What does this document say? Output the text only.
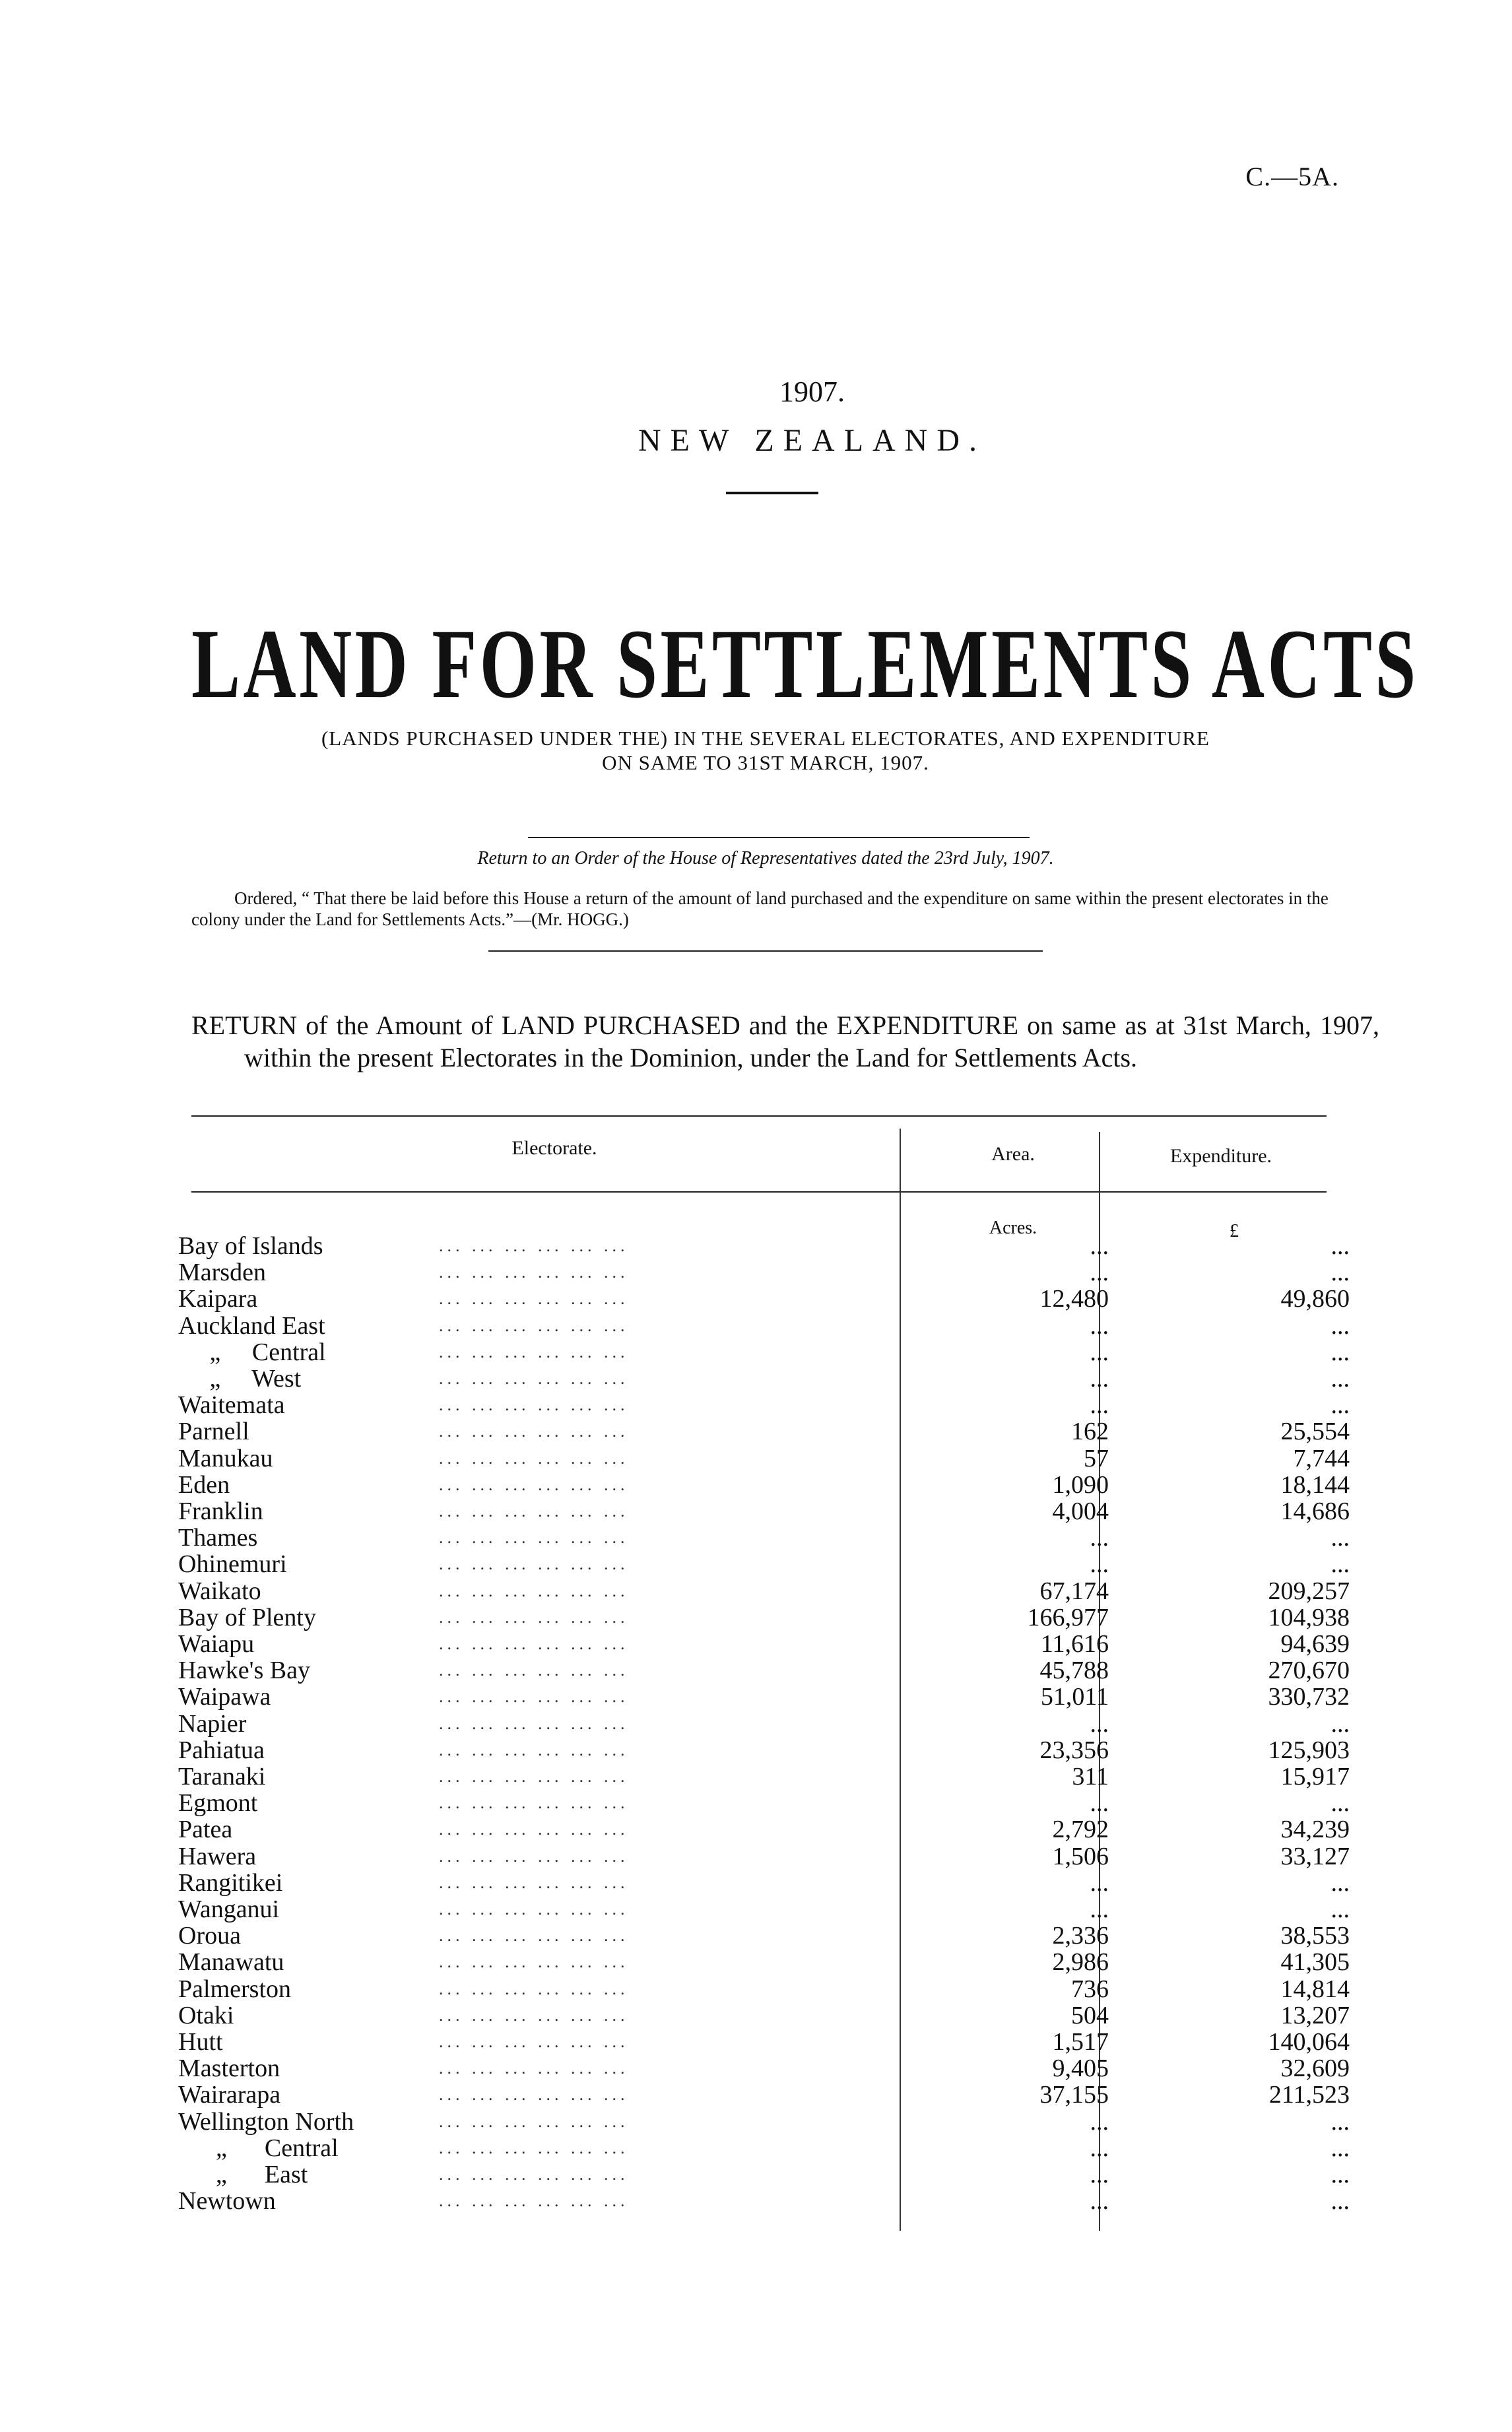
C.—5A.
1907.
NEW ZEALAND.
LAND FOR SETTLEMENTS ACTS
(LANDS PURCHASED UNDER THE) IN THE SEVERAL ELECTORATES, AND EXPENDITURE
ON SAME TO 31ST MARCH, 1907.
Return to an Order of the House of Representatives dated the 23rd July, 1907.
Ordered, “ That there be laid before this House a return of the amount of land purchased and the expenditure on same within the present electorates in the colony under the Land for Settlements Acts.”—(Mr. HOGG.)
RETURN of the Amount of LAND PURCHASED and the EXPENDITURE on same as at 31st March, 1907, within the present Electorates in the Dominion, under the Land for Settlements Acts.
Electorate.	Area.	Expenditure.
Acres.	£
Bay of Islands	... ... ... ... ... ...	...	...
Marsden	... ... ... ... ... ...	...	...
Kaipara	... ... ... ... ... ...	12,480	49,860
Auckland East	... ... ... ... ... ...	...	...
„     Central	... ... ... ... ... ...	...	...
„     West	... ... ... ... ... ...	...	...
Waitemata	... ... ... ... ... ...	...	...
Parnell	... ... ... ... ... ...	162	25,554
Manukau	... ... ... ... ... ...	57	7,744
Eden	... ... ... ... ... ...	1,090	18,144
Franklin	... ... ... ... ... ...	4,004	14,686
Thames	... ... ... ... ... ...	...	...
Ohinemuri	... ... ... ... ... ...	...	...
Waikato	... ... ... ... ... ...	67,174	209,257
Bay of Plenty	... ... ... ... ... ...	166,977	104,938
Waiapu	... ... ... ... ... ...	11,616	94,639
Hawke's Bay	... ... ... ... ... ...	45,788	270,670
Waipawa	... ... ... ... ... ...	51,011	330,732
Napier	... ... ... ... ... ...	...	...
Pahiatua	... ... ... ... ... ...	23,356	125,903
Taranaki	... ... ... ... ... ...	311	15,917
Egmont	... ... ... ... ... ...	...	...
Patea	... ... ... ... ... ...	2,792	34,239
Hawera	... ... ... ... ... ...	1,506	33,127
Rangitikei	... ... ... ... ... ...	...	...
Wanganui	... ... ... ... ... ...	...	...
Oroua	... ... ... ... ... ...	2,336	38,553
Manawatu	... ... ... ... ... ...	2,986	41,305
Palmerston	... ... ... ... ... ...	736	14,814
Otaki	... ... ... ... ... ...	504	13,207
Hutt	... ... ... ... ... ...	1,517	140,064
Masterton	... ... ... ... ... ...	9,405	32,609
Wairarapa	... ... ... ... ... ...	37,155	211,523
Wellington North	... ... ... ... ... ...	...	...
„      Central	... ... ... ... ... ...	...	...
„      East	... ... ... ... ... ...	...	...
Newtown	... ... ... ... ... ...	...	...
